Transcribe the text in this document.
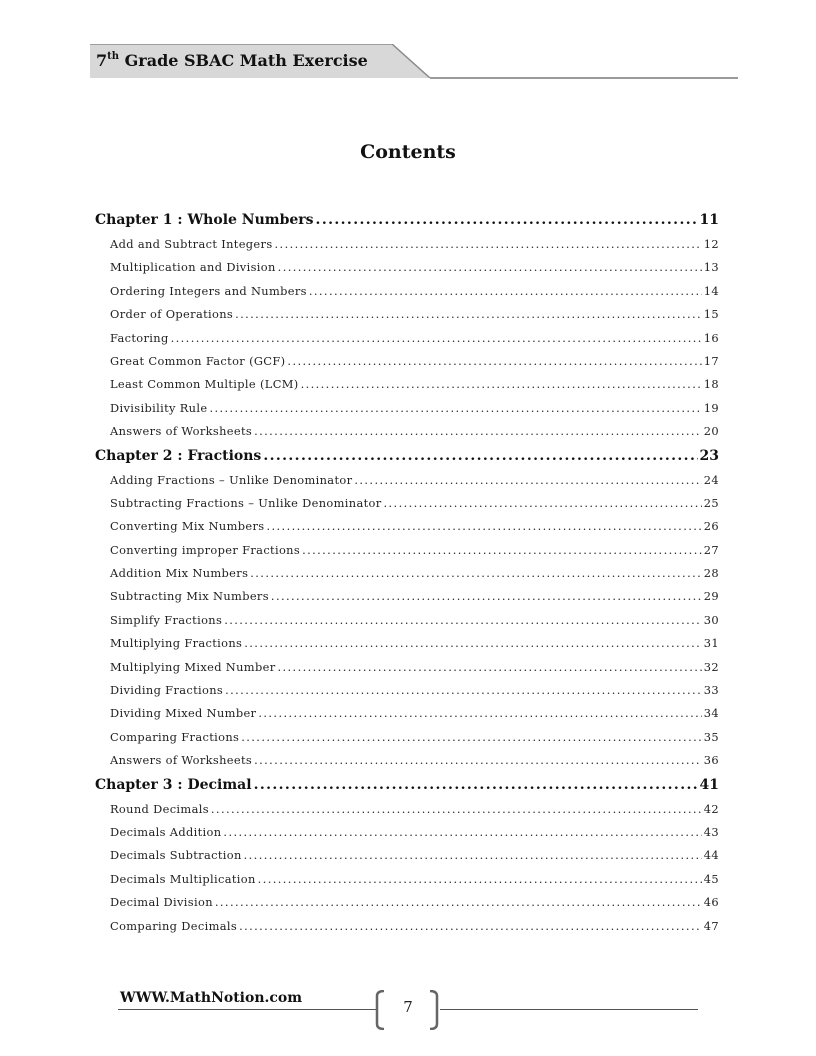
7th Grade SBAC Math Exercise
Contents
Chapter 1 : Whole Numbers .....	11
Add and Subtract Integers .....	12
Multiplication and Division .....	13
Ordering Integers and Numbers .....	14
Order of Operations .....	15
Factoring .....	16
Great Common Factor (GCF) .....	17
Least Common Multiple (LCM) .....	18
Divisibility Rule .....	19
Answers of Worksheets .....	20
Chapter 2 : Fractions .....	23
Adding Fractions – Unlike Denominator .....	24
Subtracting Fractions – Unlike Denominator .....	25
Converting Mix Numbers .....	26
Converting improper Fractions .....	27
Addition Mix Numbers .....	28
Subtracting Mix Numbers .....	29
Simplify Fractions .....	30
Multiplying Fractions .....	31
Multiplying Mixed Number .....	32
Dividing Fractions .....	33
Dividing Mixed Number .....	34
Comparing Fractions .....	35
Answers of Worksheets .....	36
Chapter 3 : Decimal .....	41
Round Decimals .....	42
Decimals Addition .....	43
Decimals Subtraction .....	44
Decimals Multiplication .....	45
Decimal Division .....	46
Comparing Decimals .....	47
WWW.MathNotion.com	7
